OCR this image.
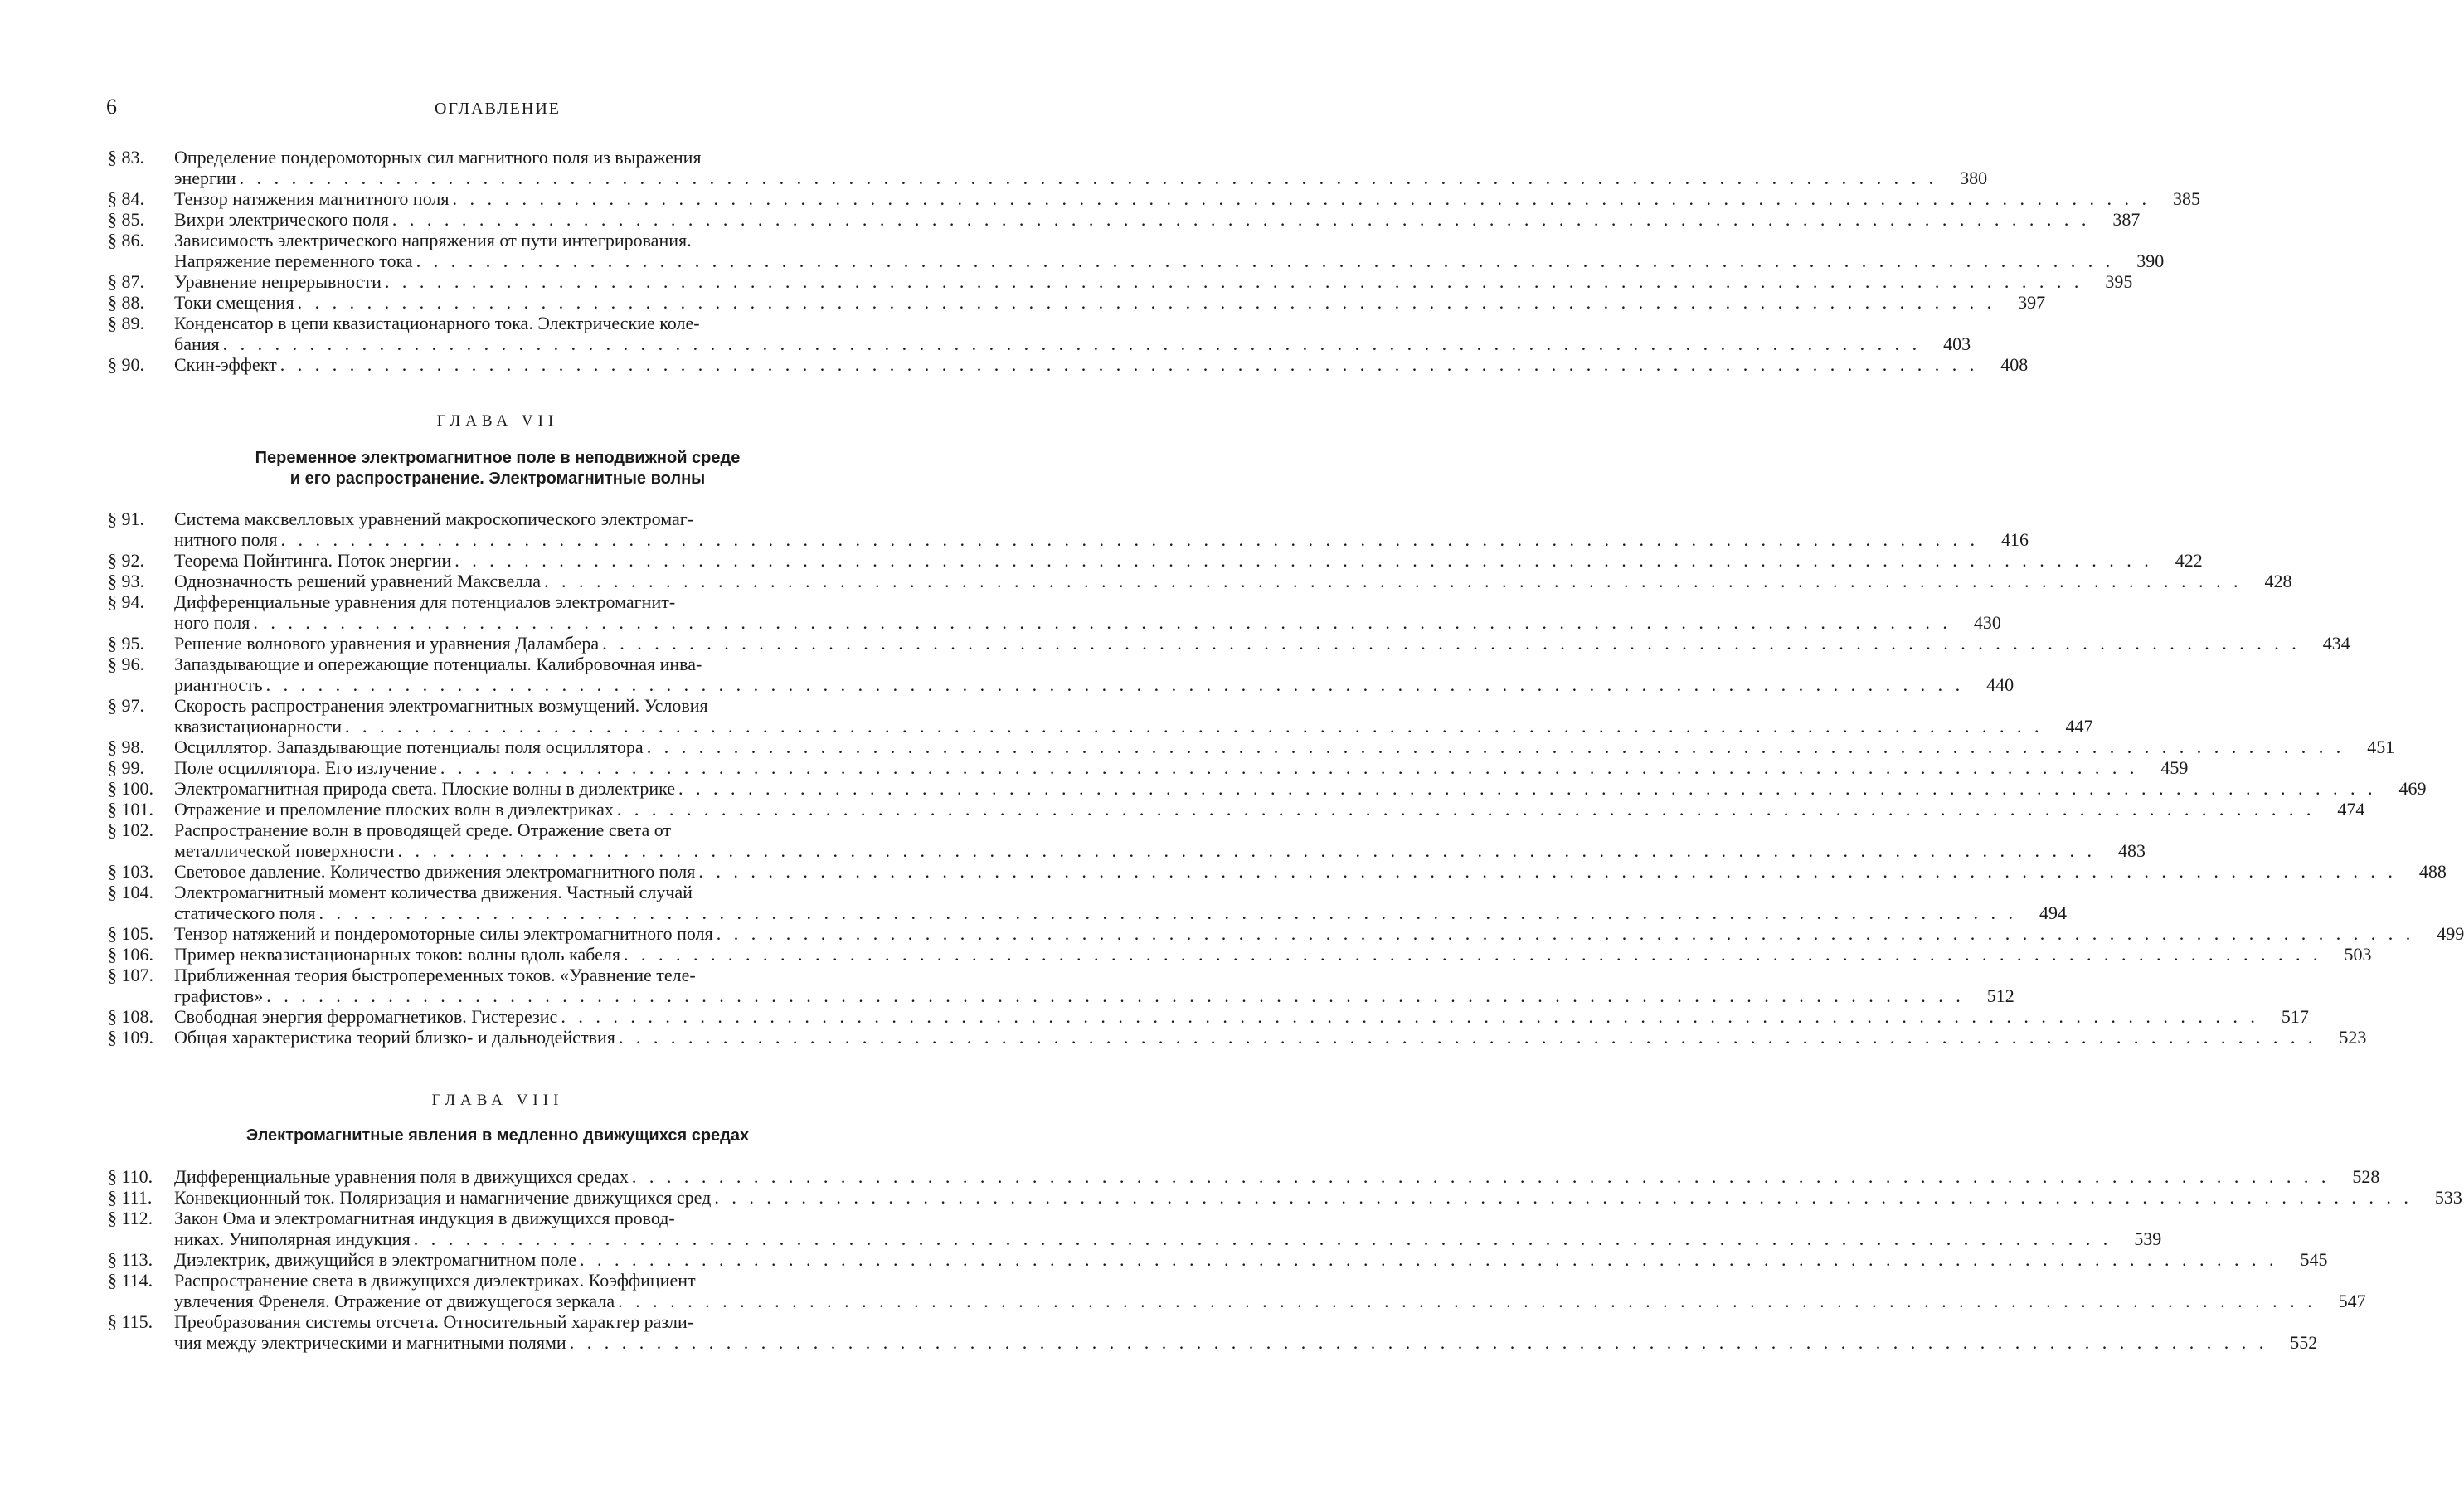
6	ОГЛАВЛЕНИЕ
§ 83.	Определение пондеромоторных сил магнитного поля из выражения
энергии . . .	380
§ 84.	Тензор натяжения магнитного поля . . .	385
§ 85.	Вихри электрического поля . . .	387
§ 86.	Зависимость электрического напряжения от пути интегрирования.
Напряжение переменного тока . . .	390
§ 87.	Уравнение непрерывности . . .	395
§ 88.	Токи смещения . . .	397
§ 89.	Конденсатор в цепи квазистационарного тока. Электрические коле-
бания . . .	403
§ 90.	Скин-эффект . . .	408
ГЛАВА VII
Переменное электромагнитное поле в неподвижной среде
и его распространение. Электромагнитные волны
§ 91.	Система максвелловых уравнений макроскопического электромаг-
нитного поля . . .	416
§ 92.	Теорема Пойнтинга. Поток энергии . . .	422
§ 93.	Однозначность решений уравнений Максвелла . . .	428
§ 94.	Дифференциальные уравнения для потенциалов электромагнит-
ного поля . . .	430
§ 95.	Решение волнового уравнения и уравнения Даламбера . . .	434
§ 96.	Запаздывающие и опережающие потенциалы. Калибровочная инва-
риантность . . .	440
§ 97.	Скорость распространения электромагнитных возмущений. Условия
квазистационарности . . .	447
§ 98.	Осциллятор. Запаздывающие потенциалы поля осциллятора . . .	451
§ 99.	Поле осциллятора. Его излучение . . .	459
§ 100.	Электромагнитная природа света. Плоские волны в диэлектрике . . .	469
§ 101.	Отражение и преломление плоских волн в диэлектриках . . .	474
§ 102.	Распространение волн в проводящей среде. Отражение света от
металлической поверхности . . .	483
§ 103.	Световое давление. Количество движения электромагнитного поля . . .	488
§ 104.	Электромагнитный момент количества движения. Частный случай
статического поля . . .	494
§ 105.	Тензор натяжений и пондеромоторные силы электромагнитного поля . . .	499
§ 106.	Пример неквазистационарных токов: волны вдоль кабеля . . .	503
§ 107.	Приближенная теория быстропеременных токов. «Уравнение теле-
графистов» . . .	512
§ 108.	Свободная энергия ферромагнетиков. Гистерезис . . .	517
§ 109.	Общая характеристика теорий близко- и дальнодействия . . .	523
ГЛАВА VIII
Электромагнитные явления в медленно движущихся средах
§ 110.	Дифференциальные уравнения поля в движущихся средах . . .	528
§ 111.	Конвекционный ток. Поляризация и намагничение движущихся сред . . .	533
§ 112.	Закон Ома и электромагнитная индукция в движущихся провод-
никах. Униполярная индукция . . .	539
§ 113.	Диэлектрик, движущийся в электромагнитном поле . . .	545
§ 114.	Распространение света в движущихся диэлектриках. Коэффициент
увлечения Френеля. Отражение от движущегося зеркала . . .	547
§ 115.	Преобразования системы отсчета. Относительный характер разли-
чия между электрическими и магнитными полями . . .	552
